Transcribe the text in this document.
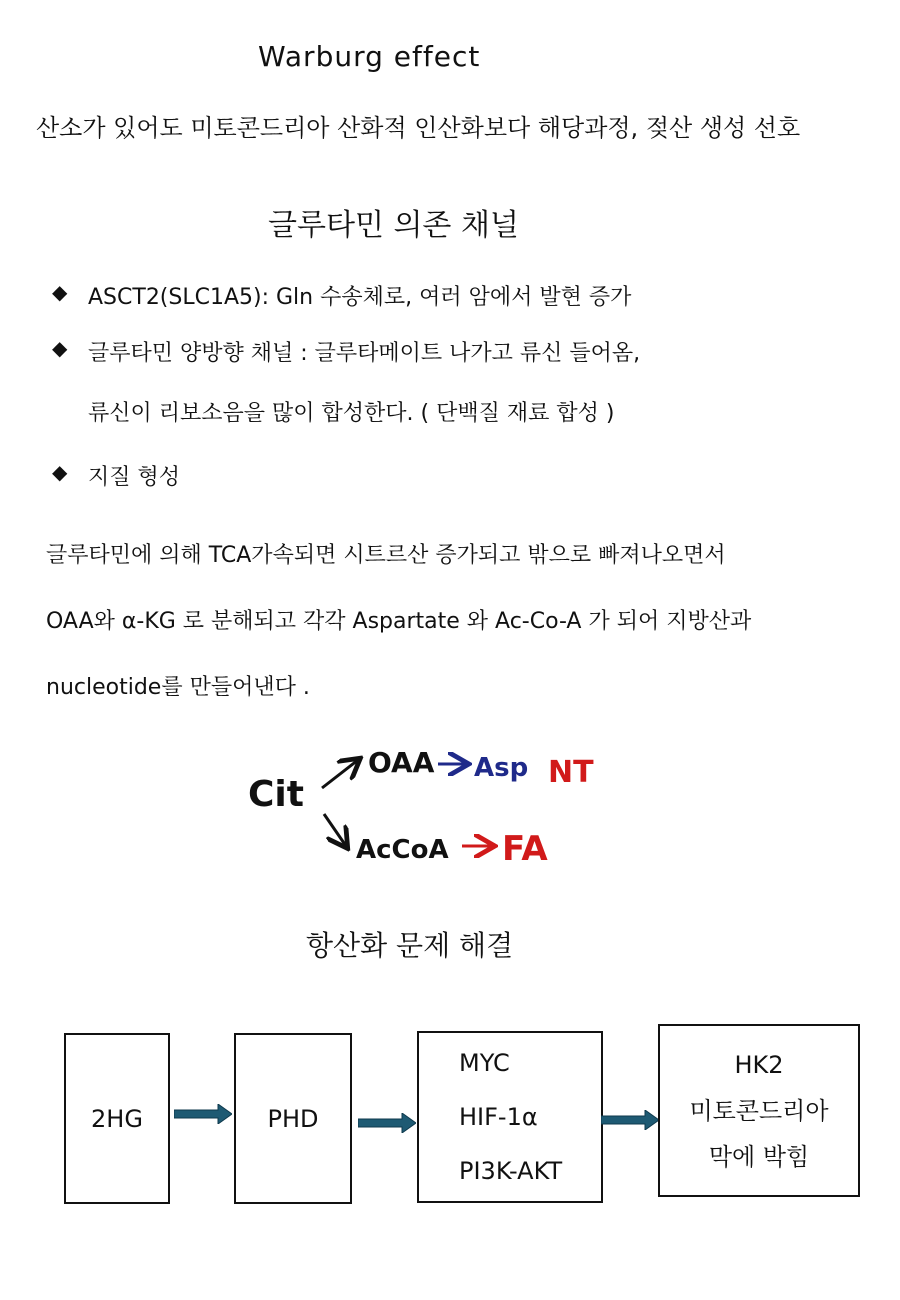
Warburg effect
산소가 있어도 미토콘드리아 산화적 인산화보다 해당과정, 젖산 생성 선호
글루타민 의존 채널
◆ ASCT2(SLC1A5): Gln 수송체로, 여러 암에서 발현 증가
◆ 글루타민 양방향 채널 : 글루타메이트 나가고 류신 들어옴,
류신이 리보소음을 많이 합성한다. ( 단백질 재료 합성 )
◆ 지질 형성
글루타민에 의해 TCA가속되면 시트르산 증가되고 밖으로 빠져나오면서
OAA와 α-KG 로 분해되고 각각 Aspartate 와 Ac-Co-A 가 되어 지방산과
nucleotide를 만들어낸다 .
Cit
OAA Asp NT
AcCoA FA
항산화 문제 해결
2HG	PHD
MYC
HIF-1α
PI3K-AKT
HK2
미토콘드리아
막에 박힘
